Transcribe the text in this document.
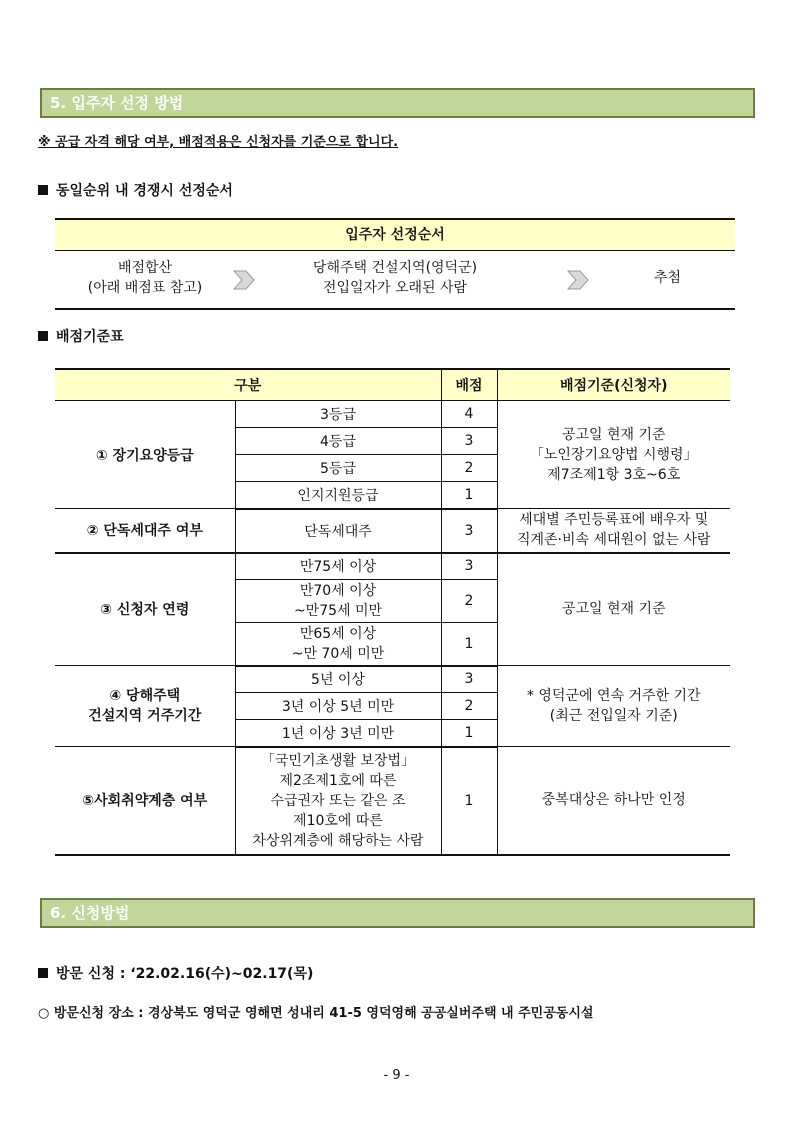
5. 입주자 선정 방법
※ 공급 자격 해당 여부, 배점적용은 신청자를 기준으로 합니다.
동일순위 내 경쟁시 선정순서
입주자 선정순서
배점합산
(아래 배점표 참고)
당해주택 건설지역(영덕군)
전입일자가 오래된 사람
추첨
배점기준표
구분		배점	배점기준(신청자)
① 장기요양등급	3등급	4	공고일 현재 기준
「노인장기요양법 시행령」
제7조제1항 3호~6호

	4등급	3	
	5등급	2	
	인지지원등급	1	
② 단독세대주 여부	단독세대주	3	세대별 주민등록표에 배우자 및
직계존·비속 세대원이 없는 사람

③ 신청자 연령	만75세 이상	3	공고일 현재 기준

	만70세 이상
~만75세 미만	2	

	만65세 이상
~만 70세 미만	1	

④ 당해주택
건설지역 거주기간	5년 이상	3	* 영덕군에 연속 거주한 기간
(최근 전입일자 기준)

	3년 이상 5년 미만	2	
	1년 이상 3년 미만	1	
⑤사회취약계층 여부	「국민기초생활 보장법」
제2조제1호에 따른
수급권자 또는 같은 조
제10호에 따른
차상위계층에 해당하는 사람	1	중복대상은 하나만 인정
6. 신청방법
방문 신청 : ‘22.02.16(수)~02.17(목)
○ 방문신청 장소 : 경상북도 영덕군 영해면 성내리 41-5 영덕영해 공공실버주택 내 주민공동시설
- 9 -
